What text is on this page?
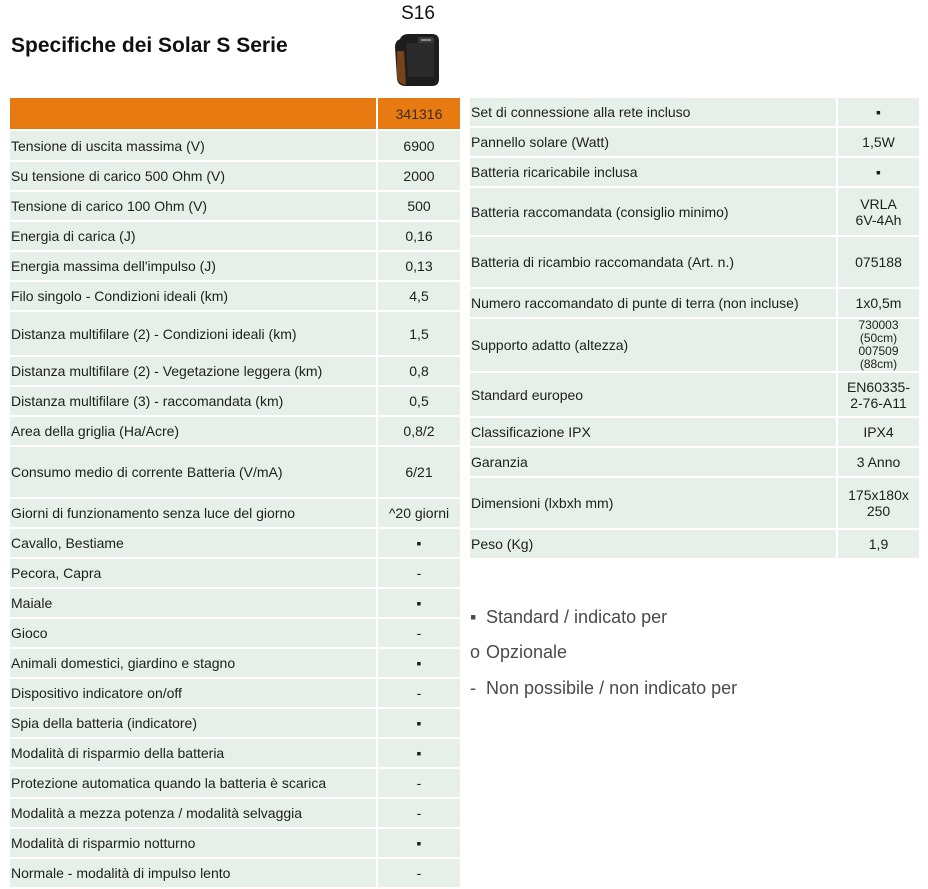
Specifiche dei Solar S Serie
S16
	341316
Tensione di uscita massima (V)	6900
Su tensione di carico 500 Ohm (V)	2000
Tensione di carico 100 Ohm (V)	500
Energia di carica (J)	0,16
Energia massima dell'impulso (J)	0,13
Filo singolo - Condizioni ideali (km)	4,5
Distanza multifilare (2) - Condizioni ideali (km)	1,5
Distanza multifilare (2) - Vegetazione leggera (km)	0,8
Distanza multifilare (3) - raccomandata (km)	0,5
Area della griglia (Ha/Acre)	0,8/2
Consumo medio di corrente Batteria (V/mA)	6/21
Giorni di funzionamento senza luce del giorno	^20 giorni
Cavallo, Bestiame	▪
Pecora, Capra	-
Maiale	▪
Gioco	-
Animali domestici, giardino e stagno	▪
Dispositivo indicatore on/off	-
Spia della batteria (indicatore)	▪
Modalità di risparmio della batteria	▪
Protezione automatica quando la batteria è scarica	-
Modalità a mezza potenza / modalità selvaggia	-
Modalità di risparmio notturno	▪
Normale - modalità di impulso lento	-
Set di connessione alla rete incluso	▪
Pannello solare (Watt)	1,5W
Batteria ricaricabile inclusa	▪
Batteria raccomandata (consiglio minimo)	VRLA
6V-4Ah
Batteria di ricambio raccomandata (Art. n.)	075188
Numero raccomandato di punte di terra (non incluse)	1x0,5m
Supporto adatto (altezza)	730003
(50cm)
007509
(88cm)
Standard europeo	EN60335-
2-76-A11
Classificazione IPX	IPX4
Garanzia	3 Anno
Dimensioni (lxbxh mm)	175x180x
250
Peso (Kg)	1,9
▪ Standard / indicato per
o Opzionale
- Non possibile / non indicato per
